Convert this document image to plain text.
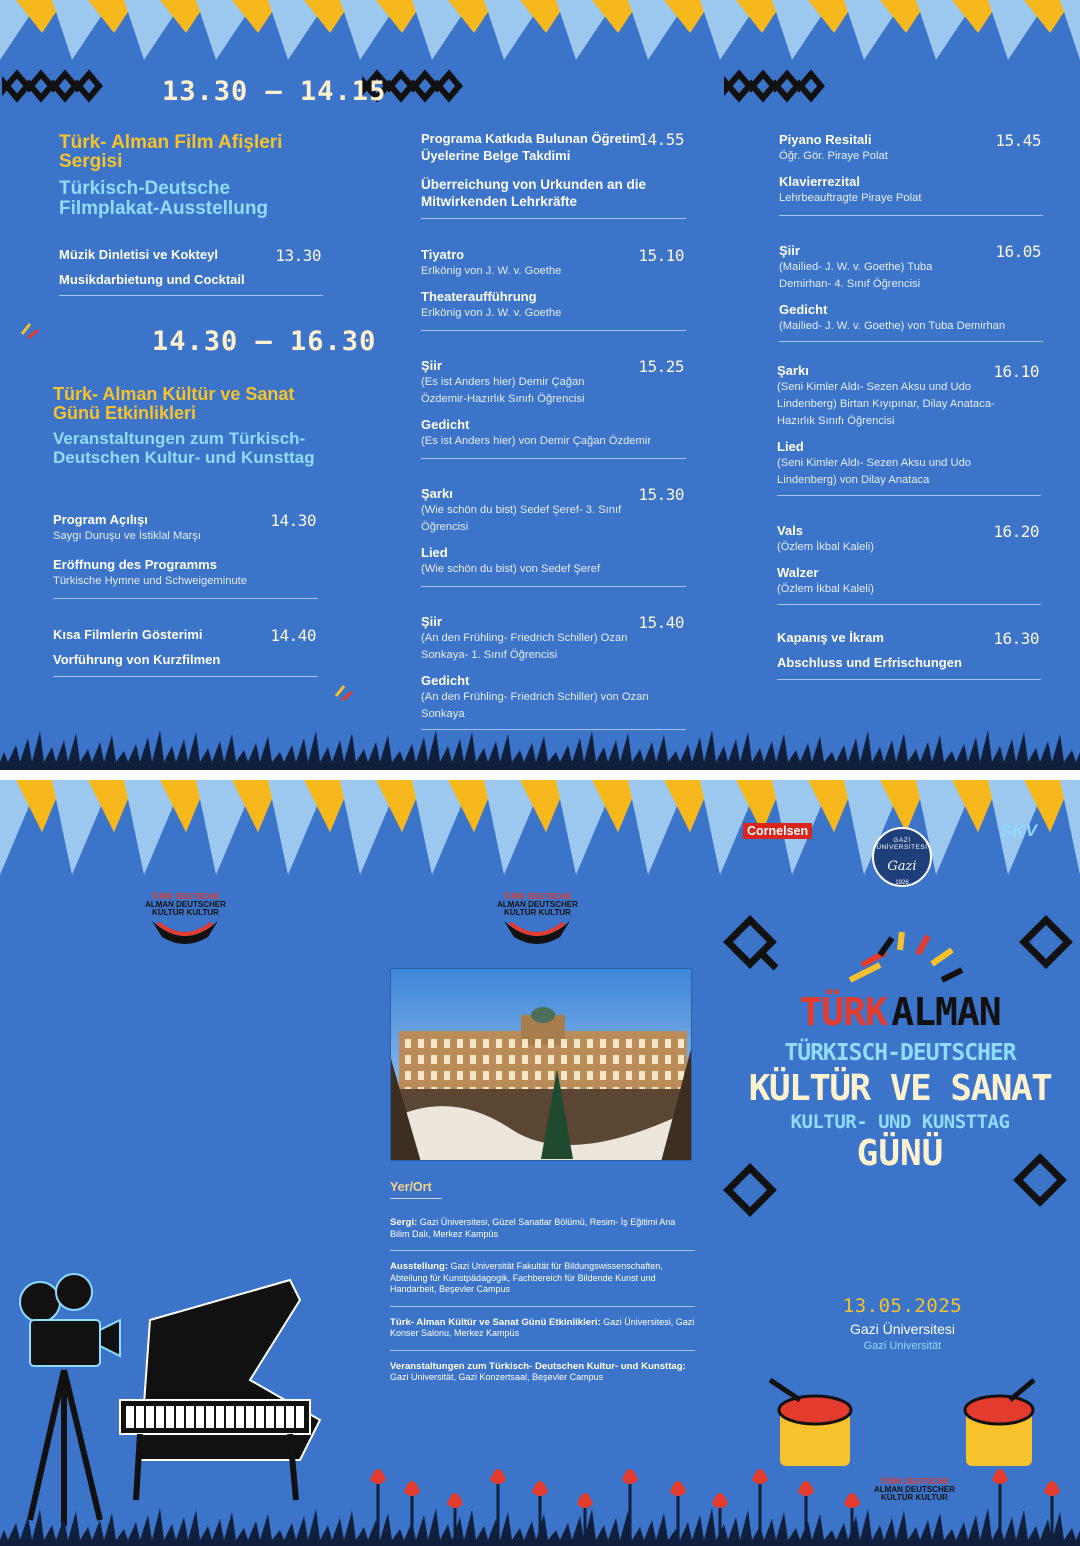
13.30 – 14.15
Türk- Alman Film Afişleri Sergisi
Türkisch-Deutsche Filmplakat-Ausstellung
Müzik Dinletisi ve Kokteyl
Musikdarbietung und Cocktail
13.30
14.30 – 16.30
Türk- Alman Kültür ve Sanat Günü Etkinlikleri
Veranstaltungen zum Türkisch- Deutschen Kultur- und Kunsttag
Program Açılışı
Saygı Duruşu ve İstiklal Marşı
Eröffnung des Programms
Türkische Hymne und Schweigeminute
14.30
Kısa Filmlerin Gösterimi
Vorführung von Kurzfilmen
14.40
Programa Katkıda Bulunan Öğretim Üyelerine Belge Takdimi
Überreichung von Urkunden an die Mitwirkenden Lehrkräfte
14.55
Tiyatro
Erlkönig von J. W. v. Goethe
Theateraufführung
Erlkönig von J. W. v. Goethe
15.10
Şiir
(Es ist Anders hier) Demir Çağan Özdemir-Hazırlık Sınıfı Öğrencisi
Gedicht
(Es ist Anders hier) von Demir Çağan Özdemir
15.25
Şarkı
(Wie schön du bist) Sedef Şeref- 3. Sınıf Öğrencisi
Lied
(Wie schön du bist) von Sedef Şeref
15.30
Şiir
(An den Frühling- Friedrich Schiller) Ozan Sonkaya- 1. Sınıf Öğrencisi
Gedicht
(An den Frühling- Friedrich Schiller) von Ozan Sonkaya
15.40
Piyano Resitali
Öğr. Gör. Piraye Polat
Klavierrezital
Lehrbeauftragte Piraye Polat
15.45
Şiir
(Mailied- J. W. v. Goethe) Tuba Demirhan- 4. Sınıf Öğrencisi
Gedicht
(Mailied- J. W. v. Goethe) von Tuba Demirhan
16.05
Şarkı
(Seni Kimler Aldı- Sezen Aksu und Udo Lindenberg) Birtan Kıyıpınar, Dilay Anataca- Hazırlık Sınıfı Öğrencisi
Lied
(Seni Kimler Aldı- Sezen Aksu und Udo Lindenberg) von Dilay Anataca
16.10
Vals
(Özlem İkbal Kaleli)
Walzer
(Özlem İkbal Kaleli)
16.20
Kapanış ve İkram
Abschluss und Erfrischungen
16.30
Cornelsen
GAZİ ÜNİVERSİTESİ
Gazi
1926
SKV
TÜRK DEUTSCHE
ALMAN DEUTSCHER
KÜLTÜR KULTUR
TÜRK DEUTSCHE
ALMAN DEUTSCHER
KÜLTÜR KULTUR
Yer/Ort
Sergi: Gazi Üniversitesi, Güzel Sanatlar Bölümü, Resim- İş Eğitimi Ana Bilim Dalı, Merkez Kampüs
Ausstellung: Gazi Universität Fakultät für Bildungswissenschaften, Abteilung für Kunstpädagogik, Fachbereich für Bildende Kunst und Handarbeit, Beşevler Campus
Türk- Alman Kültür ve Sanat Günü Etkinlikleri: Gazi Üniversitesi, Gazi Konser Salonu, Merkez Kampüs
Veranstaltungen zum Türkisch- Deutschen Kultur- und Kunsttag: Gazi Universität, Gazi Konzertsaal, Beşevler Campus
TÜRK ALMAN
TÜRKISCH-DEUTSCHER
KÜLTÜR VE SANAT
KULTUR- UND KUNSTTAG
GÜNÜ
13.05.2025
Gazi Üniversitesi
Gazi Universität
TÜRK DEUTSCHE
ALMAN DEUTSCHER
KÜLTÜR KULTUR
